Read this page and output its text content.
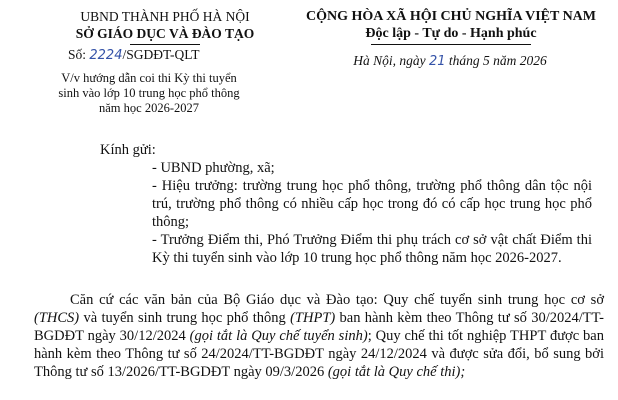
UBND THÀNH PHỐ HÀ NỘI
SỞ GIÁO DỤC VÀ ĐÀO TẠO
Số: 2224/SGDĐT-QLT
V/v hướng dẫn coi thi Kỳ thi tuyển sinh vào lớp 10 trung học phổ thông năm học 2026-2027
CỘNG HÒA XÃ HỘI CHỦ NGHĨA VIỆT NAM
Độc lập - Tự do - Hạnh phúc
Hà Nội, ngày 21 tháng 5 năm 2026
Kính gửi:
- UBND phường, xã;
- Hiệu trưởng: trường trung học phổ thông, trường phổ thông dân tộc nội trú, trường phổ thông có nhiều cấp học trong đó có cấp học trung học phổ thông;
- Trưởng Điểm thi, Phó Trưởng Điểm thi phụ trách cơ sở vật chất Điểm thi Kỳ thi tuyển sinh vào lớp 10 trung học phổ thông năm học 2026-2027.
Căn cứ các văn bản của Bộ Giáo dục và Đào tạo: Quy chế tuyển sinh trung học cơ sở (THCS) và tuyển sinh trung học phổ thông (THPT) ban hành kèm theo Thông tư số 30/2024/TT-BGDĐT ngày 30/12/2024 (gọi tắt là Quy chế tuyển sinh); Quy chế thi tốt nghiệp THPT được ban hành kèm theo Thông tư số 24/2024/TT-BGDĐT ngày 24/12/2024 và được sửa đổi, bổ sung bởi Thông tư số 13/2026/TT-BGDĐT ngày 09/3/2026 (gọi tắt là Quy chế thi);
